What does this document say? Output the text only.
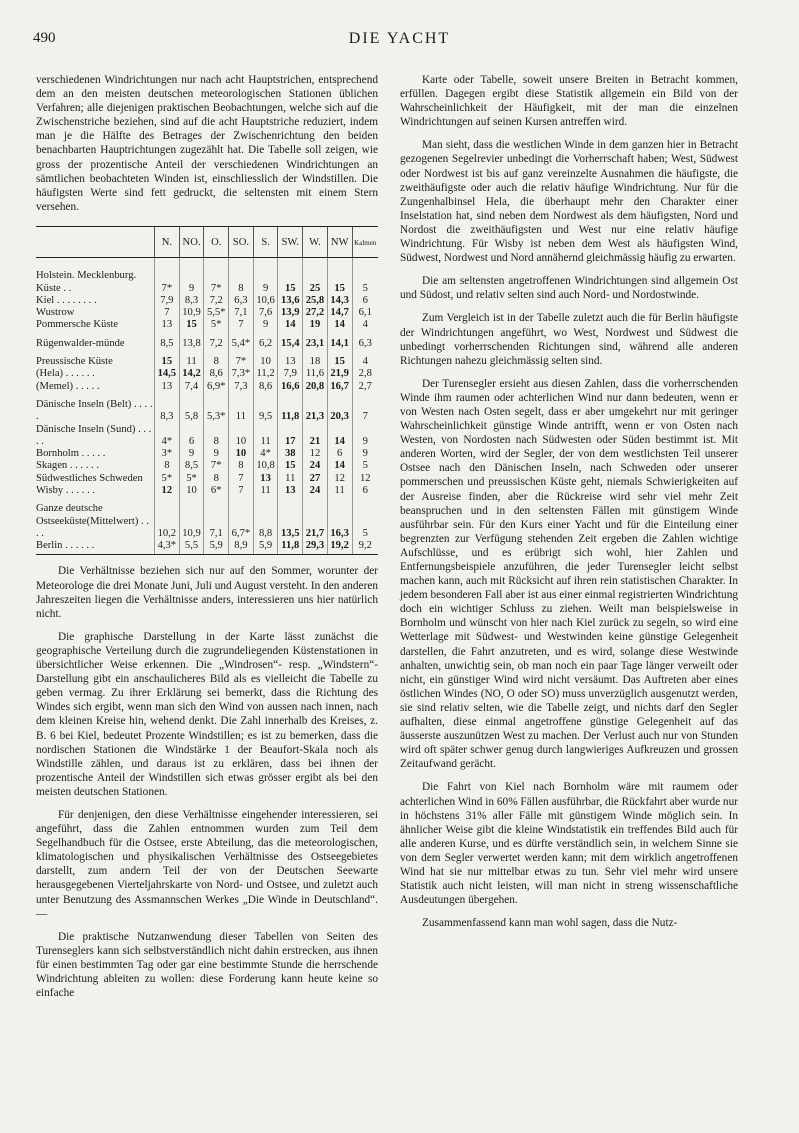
490	DIE YACHT

verschiedenen Windrichtungen nur nach acht Hauptstrichen, entsprechend dem an den meisten deutschen meteorologischen Stationen üblichen Verfahren; alle diejenigen praktischen Beobachtungen, welche sich auf die Zwischenstriche beziehen, sind auf die acht Hauptstriche reduziert, indem man je die Hälfte des Betrages der Zwischenrichtung den beiden benachbarten Hauptrichtungen zugezählt hat. Die Tabelle soll zeigen, wie gross der prozentische Anteil der verschiedenen Windrichtungen an sämtlichen beobachteten Winden ist, einschliesslich der Windstillen. Die häufigsten Werte sind fett gedruckt, die seltensten mit einem Stern versehen.

	N.	NO.	O.	SO.	S.	SW.	W.	NW	Kalmen
Holstein. Mecklenburg. Küste . .	7*	9	7*	8	9	15	25	15	5
Kiel . . . . . . . .	7,9	8,3	7,2	6,3	10,6	13,6	25,8	14,3	6
Wustrow	7	10,9	5,5*	7,1	7,6	13,9	27,2	14,7	6,1
Pommersche Küste	13	15	5*	7	9	14	19	14	4
Rügenwalder-münde	8,5	13,8	7,2	5,4*	6,2	15,4	23,1	14,1	6,3
Preussische Küste	15	11	8	7*	10	13	18	15	4
(Hela) . . . . . .	14,5	14,2	8,6	7,3*	11,2	7,9	11,6	21,9	2,8
(Memel) . . . . .	13	7,4	6,9*	7,3	8,6	16,6	20,8	16,7	2,7
Dänische Inseln (Belt) . . . . .	8,3	5,8	5,3*	11	9,5	11,8	21,3	20,3	7
Dänische Inseln (Sund) . . . . .	4*	6	8	10	11	17	21	14	9
Bornholm . . . . .	3*	9	9	10	4*	38	12	6	9
Skagen . . . . . .	8	8,5	7*	8	10,8	15	24	14	5
Südwestliches Schweden	5*	5*	8	7	13	11	27	12	12
Wisby . . . . . .	12	10	6*	7	11	13	24	11	6
Ganze deutsche Ostseeküste(Mittelwert) . . . .	10,2	10,9	7,1	6,7*	8,8	13,5	21,7	16,3	5
Berlin . . . . . .	4,3*	5,5	5,9	8,9	5,9	11,8	29,3	19,2	9,2

Die Verhältnisse beziehen sich nur auf den Sommer, worunter der Meteorologe die drei Monate Juni, Juli und August versteht. In den anderen Jahreszeiten liegen die Verhältnisse anders, interessieren uns hier natürlich nicht.

Die graphische Darstellung in der Karte lässt zunächst die geographische Verteilung durch die zugrundeliegenden Küstenstationen in übersichtlicher Weise erkennen. Die „Windrosen“- resp. „Windstern“-Darstellung gibt ein anschaulicheres Bild als es vielleicht die Tabelle zu geben vermag. Zu ihrer Erklärung sei bemerkt, dass die Richtung des Windes sich ergibt, wenn man sich den Wind von aussen nach innen, nach dem kleinen Kreise hin, wehend denkt. Die Zahl innerhalb des Kreises, z. B. 6 bei Kiel, bedeutet Prozente Windstillen; es ist zu bemerken, dass die nordischen Stationen die Windstärke 1 der Beaufort-Skala noch als Windstille zählen, und daraus ist zu erklären, dass bei ihnen der prozentische Anteil der Windstillen sich etwas grösser ergibt als bei den meisten deutschen Stationen.

Für denjenigen, den diese Verhältnisse eingehender interessieren, sei angeführt, dass die Zahlen entnommen wurden zum Teil dem Segelhandbuch für die Ostsee, erste Abteilung, das die meteorologischen, klimatologischen und physikalischen Verhältnisse des Ostseegebietes darstellt, zum andern Teil der von der Deutschen Seewarte herausgegebenen Vierteljahrskarte von Nord- und Ostsee, und zuletzt auch unter Benutzung des Assmannschen Werkes „Die Winde in Deutschland“. —

Die praktische Nutzanwendung dieser Tabellen von Seiten des Turenseglers kann sich selbstverständlich nicht dahin erstrecken, aus ihnen für einen bestimmten Tag oder gar eine bestimmte Stunde die herrschende Windrichtung ableiten zu wollen: diese Forderung kann heute keine so einfache

Karte oder Tabelle, soweit unsere Breiten in Betracht kommen, erfüllen. Dagegen ergibt diese Statistik allgemein ein Bild von der Wahrscheinlichkeit der Häufigkeit, mit der man die einzelnen Windrichtungen auf seinen Kursen antreffen wird.

Man sieht, dass die westlichen Winde in dem ganzen hier in Betracht gezogenen Segelrevier unbedingt die Vorherrschaft haben; West, Südwest oder Nordwest ist bis auf ganz vereinzelte Ausnahmen die häufigste, die zweithäufigste oder auch die relativ häufige Windrichtung. Nur für die Zungenhalbinsel Hela, die überhaupt mehr den Charakter einer Inselstation hat, sind neben dem Nordwest als dem häufigsten, Nord und Nordost die zweithäufigsten und West nur eine relativ häufige Windrichtung. Für Wisby ist neben dem West als häufigsten Wind, Südwest, Nordwest und Nord annähernd gleichmässig häufig zu erwarten.

Die am seltensten angetroffenen Windrichtungen sind allgemein Ost und Südost, und relativ selten sind auch Nord- und Nordostwinde.

Zum Vergleich ist in der Tabelle zuletzt auch die für Berlin häufigste der Windrichtungen angeführt, wo West, Nordwest und Südwest die unbedingt vorherrschenden Richtungen sind, während alle anderen Richtungen nahezu gleichmässig selten sind.

Der Turensegler ersieht aus diesen Zahlen, dass die vorherrschenden Winde ihm raumen oder achterlichen Wind nur dann bedeuten, wenn er von Westen nach Osten segelt, dass er aber umgekehrt nur mit geringer Wahrscheinlichkeit günstige Winde antrifft, wenn er von Osten nach Westen, von Nordosten nach Südwesten oder Süden bestimmt ist. Mit anderen Worten, wird der Segler, der von dem westlichsten Teil unserer Ostsee nach den Dänischen Inseln, nach Schweden oder unserer pommerschen und preussischen Küste geht, niemals Schwierigkeiten auf der Ausreise finden, aber die Rückreise wird sehr viel mehr Zeit beanspruchen und in den seltensten Fällen mit günstigem Winde ausführbar sein. Für den Kurs einer Yacht und für die Einteilung einer begrenzten zur Verfügung stehenden Zeit ergeben die Zahlen wichtige Aufschlüsse, und es erübrigt sich wohl, hier Zahlen und Entfernungsbeispiele anzuführen, die jeder Turensegler leicht selbst machen kann, auch mit Rücksicht auf ihren rein statistischen Charakter. In jedem besonderen Fall aber ist aus einer einmal registrierten Windrichtung doch ein wichtiger Schluss zu ziehen. Weilt man beispielsweise in Bornholm und wünscht von hier nach Kiel zurück zu segeln, so wird eine Wetterlage mit Südwest- und Westwinden keine günstige Gelegenheit darstellen, die Fahrt anzutreten, und es wird, solange diese Westwinde anhalten, unwichtig sein, ob man noch ein paar Tage länger verweilt oder nicht, ein günstiger Wind wird nicht versäumt. Das Auftreten aber eines östlichen Windes (NO, O oder SO) muss unverzüglich ausgenutzt werden, sie sind relativ selten, wie die Tabelle zeigt, und nichts darf den Segler aufhalten, diese einmal angetroffene günstige Gelegenheit auf das äusserste auszunützen West zu machen. Der Verlust auch nur von Stunden wird oft später schwer genug durch langwieriges Aufkreuzen und grossen Zeitaufwand gerächt.

Die Fahrt von Kiel nach Bornholm wäre mit raumem oder achterlichen Wind in 60% Fällen ausführbar, die Rückfahrt aber wurde nur in höchstens 31% aller Fälle mit günstigem Winde möglich sein. In ähnlicher Weise gibt die kleine Windstatistik ein treffendes Bild auch für alle anderen Kurse, und es dürfte verständlich sein, in welchem Sinne sie von dem Segler verwertet werden kann; mit dem wirklich angetroffenen Wind hat sie nur mittelbar etwas zu tun. Sehr viel mehr wird unsere Statistik auch nicht leisten, will man nicht in streng wissenschaftliche Ausdeutungen übergehen.

Zusammenfassend kann man wohl sagen, dass die Nutz-
